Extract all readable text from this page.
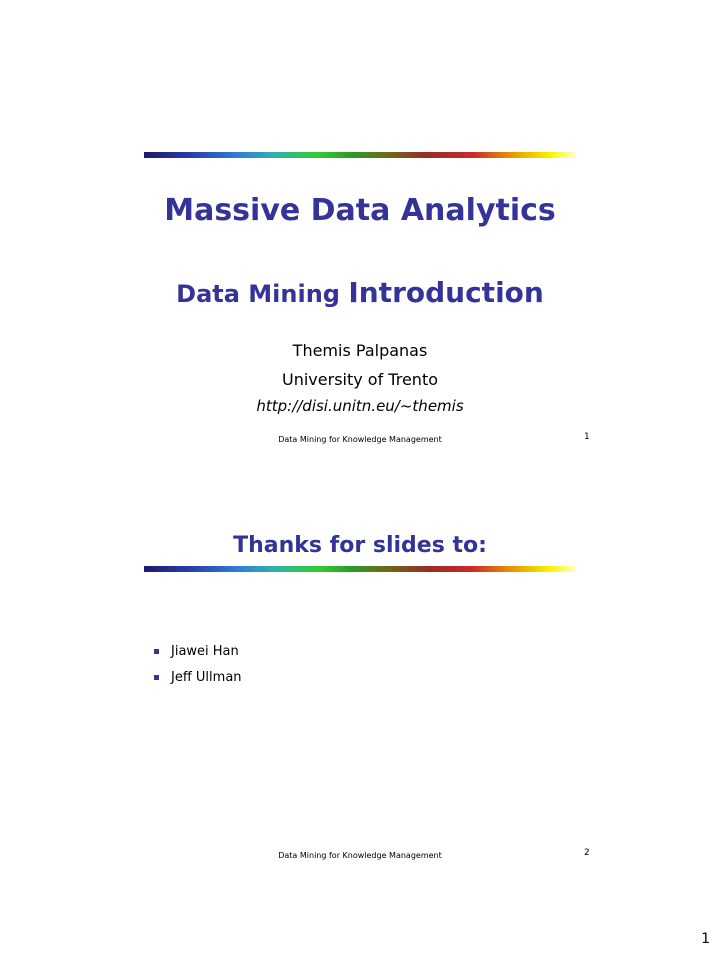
Massive Data Analytics
Data Mining Introduction
Themis Palpanas
University of Trento
http://disi.unitn.eu/~themis
Data Mining for Knowledge Management	1
Thanks for slides to:
Jiawei Han
Jeff Ullman
Data Mining for Knowledge Management	2
1
